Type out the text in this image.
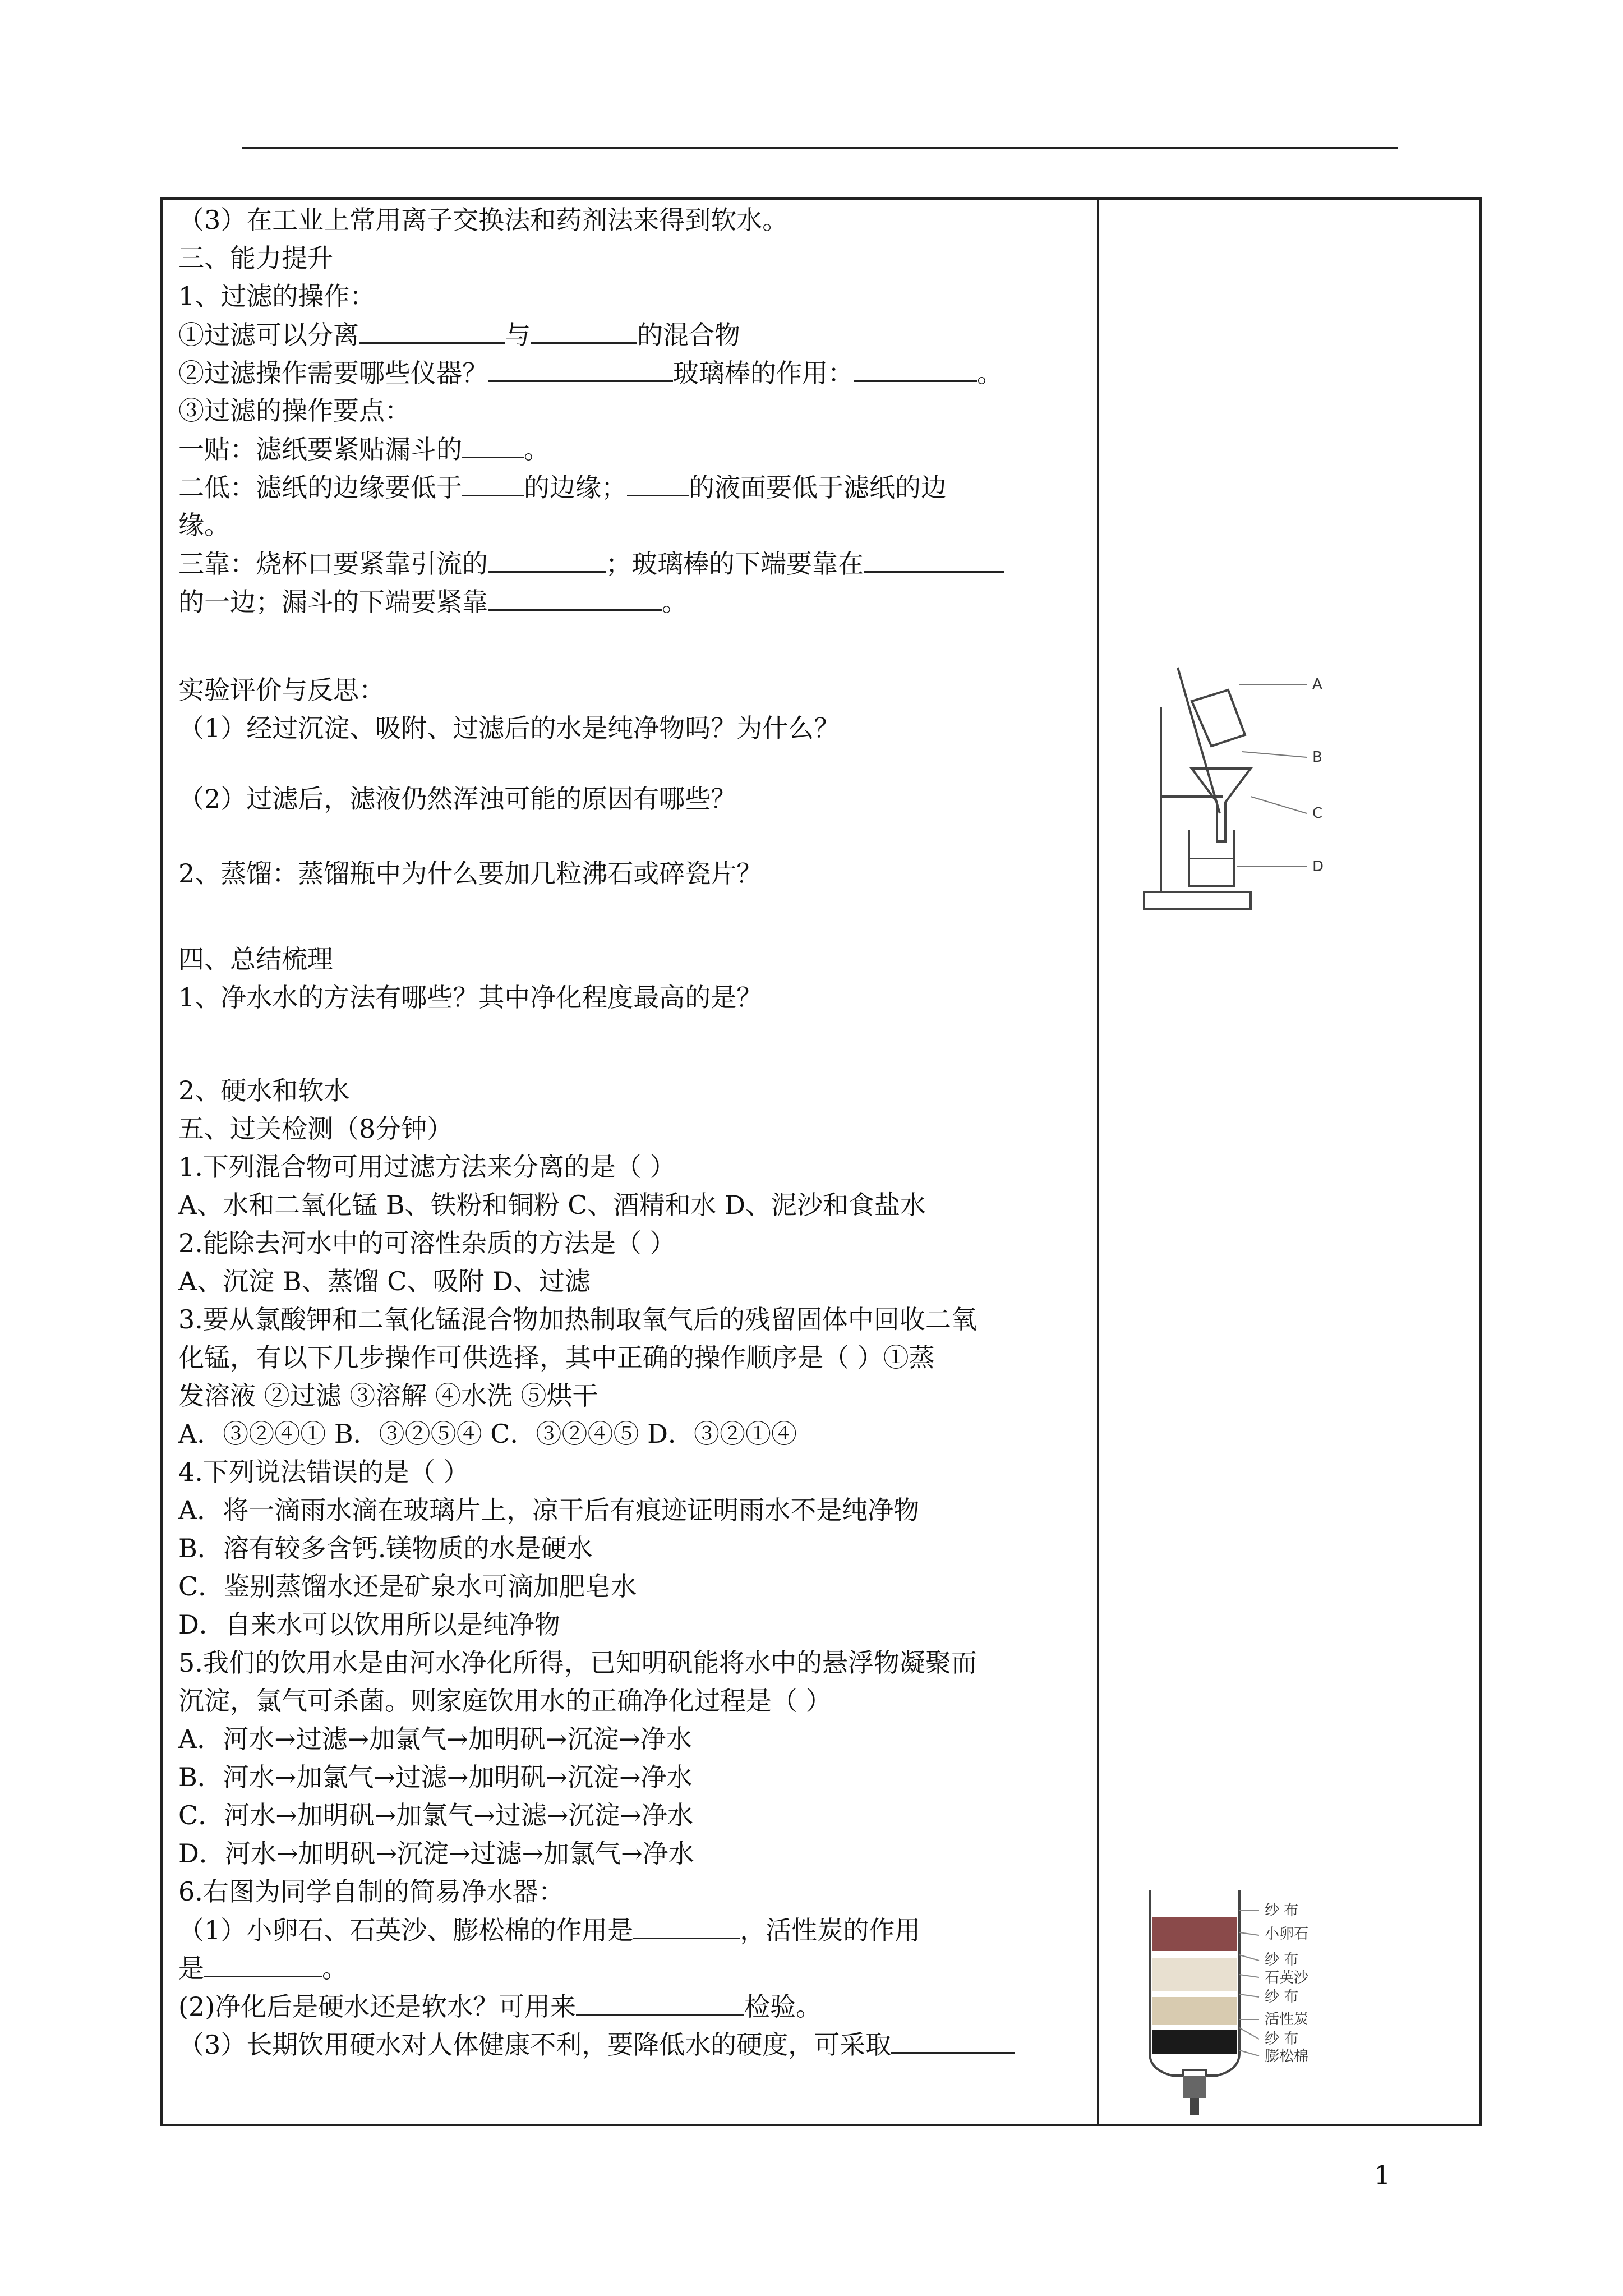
（3）在工业上常用离子交换法和药剂法来得到软水。
三、能力提升
1、过滤的操作：
①过滤可以分离	与	的混合物
②过滤操作需要哪些仪器？	玻璃棒的作用：	。
③过滤的操作要点：
一贴：滤纸要紧贴漏斗的 。
二低：滤纸的边缘要低于 的边缘； 的液面要低于滤纸的边
缘。
三靠：烧杯口要紧靠引流的	；玻璃棒的下端要靠在
的一边；漏斗的下端要紧靠	。
实验评价与反思：
（1）经过沉淀、吸附、过滤后的水是纯净物吗？为什么？
（2）过滤后，滤液仍然浑浊可能的原因有哪些？
2、蒸馏：蒸馏瓶中为什么要加几粒沸石或碎瓷片？
四、总结梳理
1、净水水的方法有哪些？其中净化程度最高的是？
2、硬水和软水
五、过关检测（8分钟）
1.下列混合物可用过滤方法来分离的是（ ）
A、水和二氧化锰 B、铁粉和铜粉 C、酒精和水 D、泥沙和食盐水
2.能除去河水中的可溶性杂质的方法是（ ）
A、沉淀 B、蒸馏 C、吸附 D、过滤
3.要从氯酸钾和二氧化锰混合物加热制取氧气后的残留固体中回收二氧
化锰，有以下几步操作可供选择，其中正确的操作顺序是（ ）①蒸
发溶液 ②过滤 ③溶解 ④水洗 ⑤烘干
A．③②④① B．③②⑤④ C．③②④⑤ D．③②①④
4.下列说法错误的是（ ）
A．将一滴雨水滴在玻璃片上，凉干后有痕迹证明雨水不是纯净物
B．溶有较多含钙.镁物质的水是硬水
C．鉴别蒸馏水还是矿泉水可滴加肥皂水
D．自来水可以饮用所以是纯净物
5.我们的饮用水是由河水净化所得，已知明矾能将水中的悬浮物凝聚而
沉淀，氯气可杀菌。则家庭饮用水的正确净化过程是（ ）
A．河水→过滤→加氯气→加明矾→沉淀→净水
B．河水→加氯气→过滤→加明矾→沉淀→净水
C．河水→加明矾→加氯气→过滤→沉淀→净水
D．河水→加明矾→沉淀→过滤→加氯气→净水
6.右图为同学自制的简易净水器：
（1）小卵石、石英沙、膨松棉的作用是	，活性炭的作用
是	。
(2)净化后是硬水还是软水？可用来	检验。
（3）长期饮用硬水对人体健康不利，要降低水的硬度，可采取
A
B
C
D
纱 布
小卵石
纱 布
石英沙
纱 布
活性炭
纱 布
膨松棉
1
